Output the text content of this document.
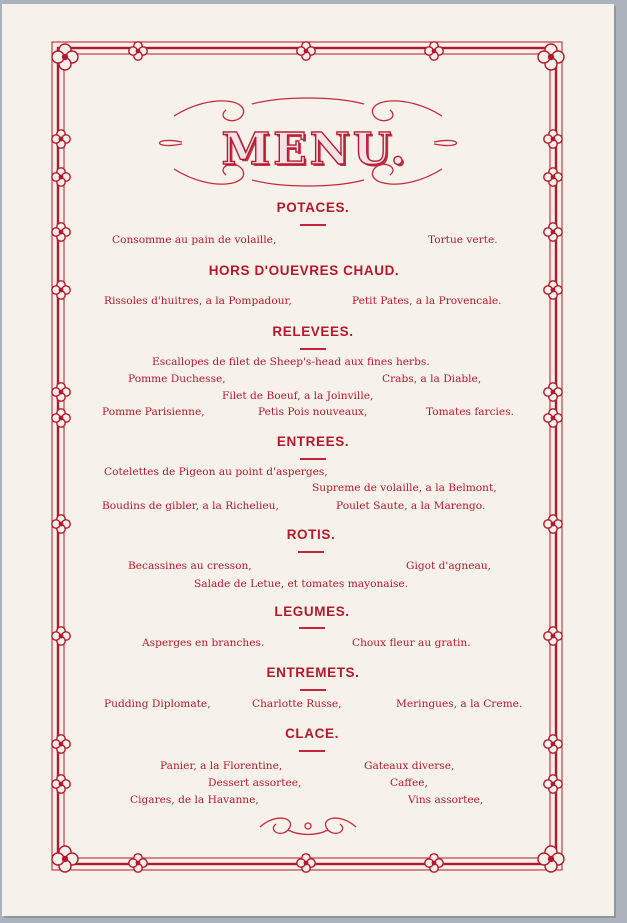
MENU.
POTACES.
Consomme au pain de volaille,	Tortue verte.
HORS D'OUEVRES CHAUD.
Rissoles d'huitres, a la Pompadour,	Petit Pates, a la Provencale.
RELEVEES.
Escallopes de filet de Sheep's-head aux fines herbs.
Pomme Duchesse,	Crabs, a la Diable,
Filet de Boeuf, a la Joinville,
Pomme Parisienne,	Petis Pois nouveaux,	Tomates farcies.
ENTREES.
Cotelettes de Pigeon au point d'asperges,
Supreme de volaille, a la Belmont,
Boudins de gibler, a la Richelieu,	Poulet Saute, a la Marengo.
ROTIS.
Becassines au cresson,	Gigot d'agneau,
Salade de Letue, et tomates mayonaise.
LEGUMES.
Asperges en branches.	Choux fleur au gratin.
ENTREMETS.
Pudding Diplomate,	Charlotte Russe,	Meringues, a la Creme.
CLACE.
Panier, a la Florentine,	Gateaux diverse,
Dessert assortee,	Caffee,
Cigares, de la Havanne,	Vins assortee,
